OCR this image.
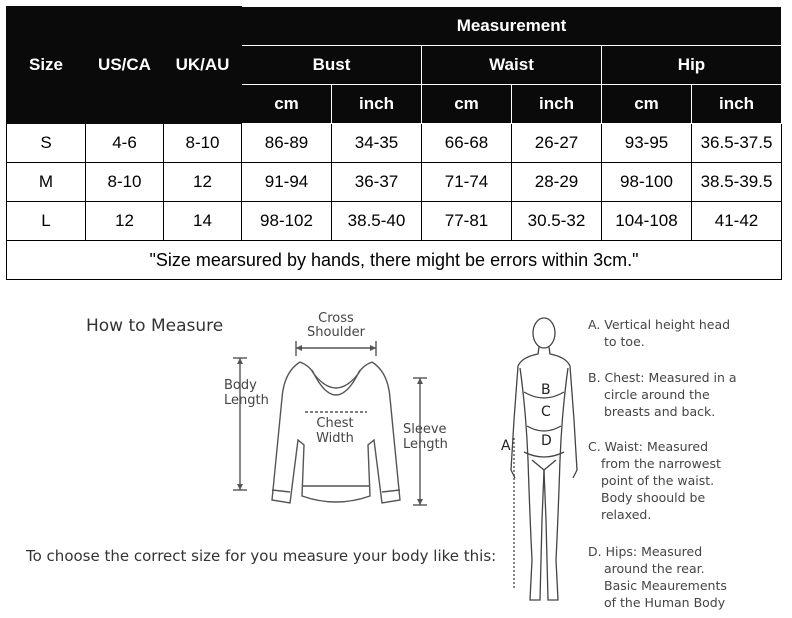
			Measurement					
Size	US/CA	UK/AU	Bust		Waist		Hip	
			cm	inch	cm	inch	cm	inch
S	4-6	8-10	86-89	34-35	66-68	26-27	93-95	36.5-37.5
M	8-10	12	91-94	36-37	71-74	28-29	98-100	38.5-39.5
L	12	14	98-102	38.5-40	77-81	30.5-32	104-108	41-42
"Size mearsured by hands, there might be errors within 3cm."								
How to Measure	Cross
Shoulder
Body
Length
Chest
Width
Sleeve
Length
To choose the correct size for you measure your body like this:
A
B
C
D
A. Vertical height head
to toe.
B. Chest: Measured in a
circle around the
breasts and back.
C. Waist: Measured
from the narrowest
point of the waist.
Body shoould be
relaxed.
D. Hips: Measured
around the rear.
Basic Meaurements
of the Human Body
